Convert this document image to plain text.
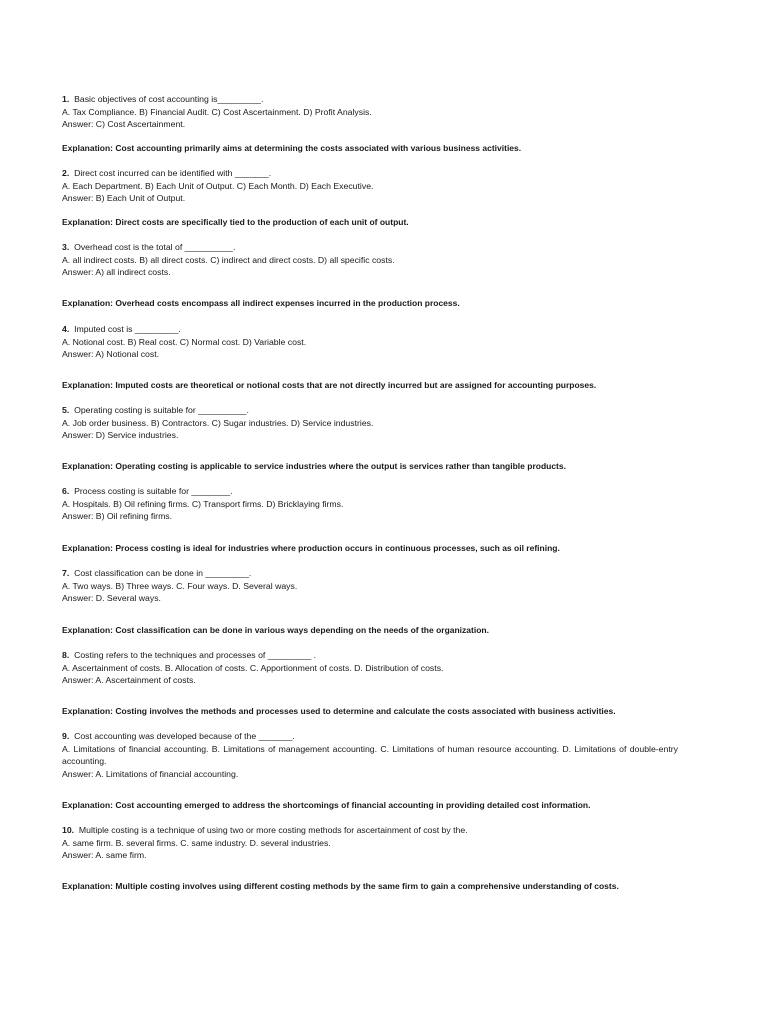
1. Basic objectives of cost accounting is_________.
A. Tax Compliance. B) Financial Audit. C) Cost Ascertainment. D) Profit Analysis.
Answer: C) Cost Ascertainment.
Explanation: Cost accounting primarily aims at determining the costs associated with various business activities.
2. Direct cost incurred can be identified with _______.
A. Each Department. B) Each Unit of Output. C) Each Month. D) Each Executive.
Answer: B) Each Unit of Output.
Explanation: Direct costs are specifically tied to the production of each unit of output.
3. Overhead cost is the total of __________.
A. all indirect costs. B) all direct costs. C) indirect and direct costs. D) all specific costs.
Answer: A) all indirect costs.
Explanation: Overhead costs encompass all indirect expenses incurred in the production process.
4. Imputed cost is _________.
A. Notional cost. B) Real cost. C) Normal cost. D) Variable cost.
Answer: A) Notional cost.
Explanation: Imputed costs are theoretical or notional costs that are not directly incurred but are assigned for accounting purposes.
5. Operating costing is suitable for __________.
A. Job order business. B) Contractors. C) Sugar industries. D) Service industries.
Answer: D) Service industries.
Explanation: Operating costing is applicable to service industries where the output is services rather than tangible products.
6. Process costing is suitable for ________.
A. Hospitals. B) Oil refining firms. C) Transport firms. D) Bricklaying firms.
Answer: B) Oil refining firms.
Explanation: Process costing is ideal for industries where production occurs in continuous processes, such as oil refining.
7. Cost classification can be done in _________.
A. Two ways. B) Three ways. C. Four ways. D. Several ways.
Answer: D. Several ways.
Explanation: Cost classification can be done in various ways depending on the needs of the organization.
8. Costing refers to the techniques and processes of _________ .
A. Ascertainment of costs. B. Allocation of costs. C. Apportionment of costs. D. Distribution of costs.
Answer: A. Ascertainment of costs.
Explanation: Costing involves the methods and processes used to determine and calculate the costs associated with business activities.
9. Cost accounting was developed because of the _______.
A. Limitations of financial accounting. B. Limitations of management accounting. C. Limitations of human resource accounting. D. Limitations of double-entry accounting.
Answer: A. Limitations of financial accounting.
Explanation: Cost accounting emerged to address the shortcomings of financial accounting in providing detailed cost information.
10. Multiple costing is a technique of using two or more costing methods for ascertainment of cost by the.
A. same firm. B. several firms. C. same industry. D. several industries.
Answer: A. same firm.
Explanation: Multiple costing involves using different costing methods by the same firm to gain a comprehensive understanding of costs.
